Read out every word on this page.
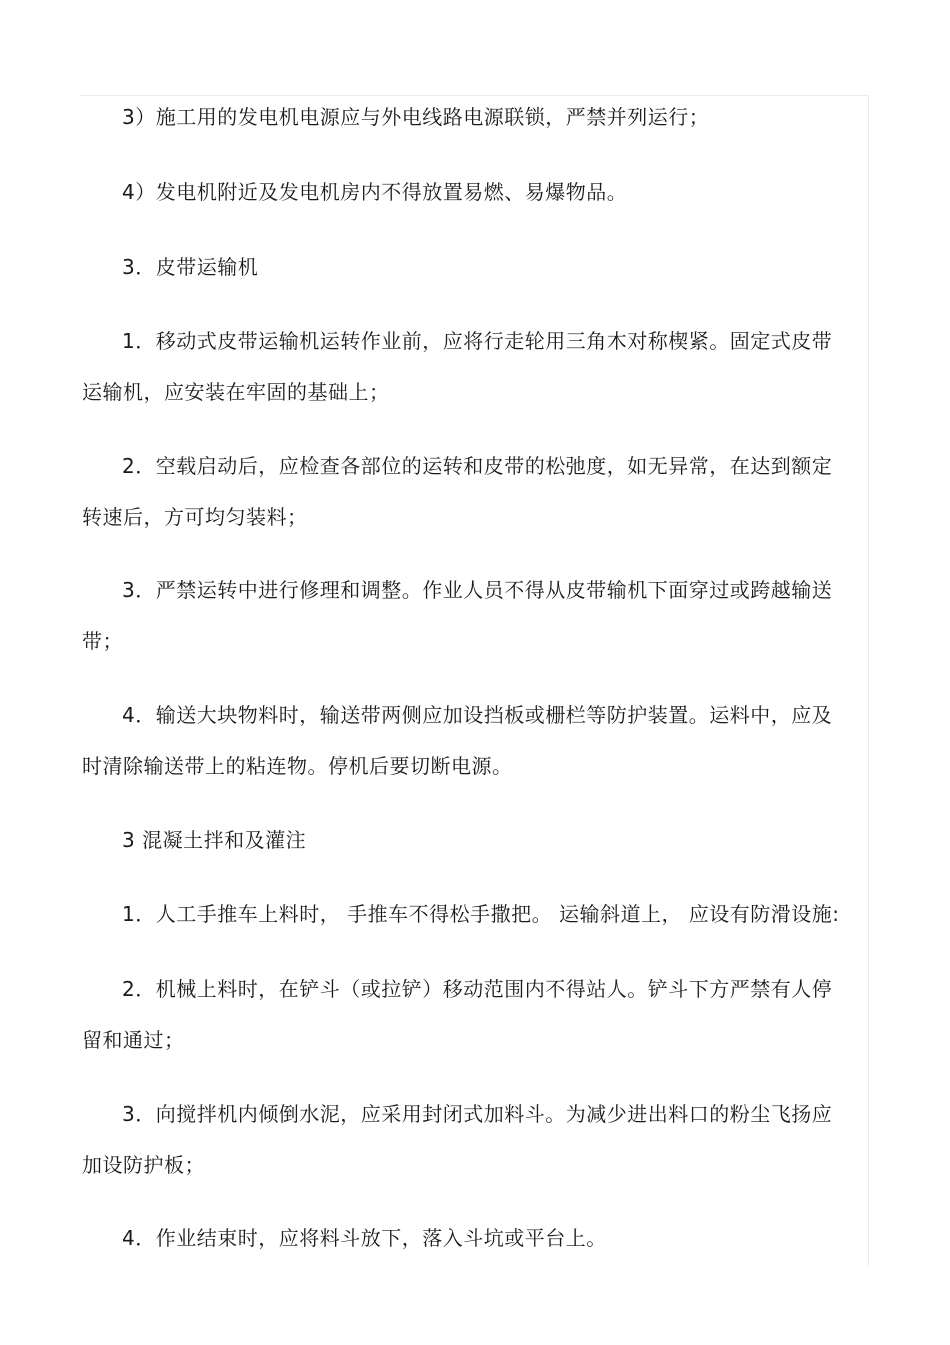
3）施工用的发电机电源应与外电线路电源联锁，严禁并列运行；

4）发电机附近及发电机房内不得放置易燃、易爆物品。

3．皮带运输机

1．移动式皮带运输机运转作业前，应将行走轮用三角木对称楔紧。固定式皮带运输机，应安装在牢固的基础上；

2．空载启动后，应检查各部位的运转和皮带的松弛度，如无异常，在达到额定转速后，方可均匀装料；

3．严禁运转中进行修理和调整。作业人员不得从皮带输机下面穿过或跨越输送带；

4．输送大块物料时，输送带两侧应加设挡板或栅栏等防护装置。运料中，应及时清除输送带上的粘连物。停机后要切断电源。

3 混凝土拌和及灌注

1．人工手推车上料时， 手推车不得松手撒把。 运输斜道上， 应设有防滑设施:

2．机械上料时，在铲斗（或拉铲）移动范围内不得站人。铲斗下方严禁有人停留和通过；

3．向搅拌机内倾倒水泥，应采用封闭式加料斗。为减少进出料口的粉尘飞扬应加设防护板；

4．作业结束时，应将料斗放下，落入斗坑或平台上。
